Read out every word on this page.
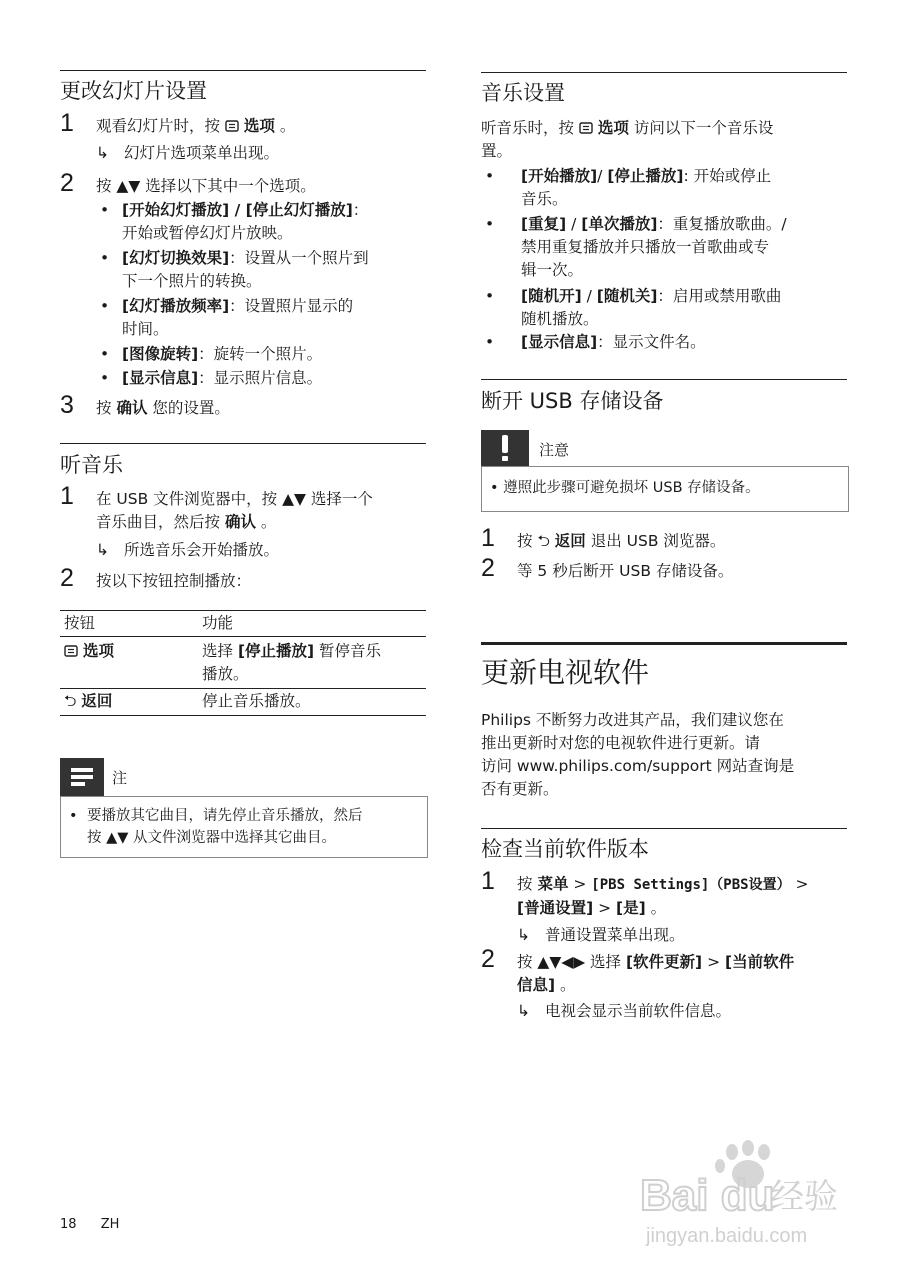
更改幻灯片设置
1 观看幻灯片时，按  选项 。
↳ 幻灯片选项菜单出现。
2 按 ▲▼ 选择以下其中一个选项。
• [开始幻灯播放] / [停止幻灯播放]：
开始或暂停幻灯片放映。
• [幻灯切换效果]：设置从一个照片到
下一个照片的转换。
• [幻灯播放频率]：设置照片显示的
时间。
• [图像旋转]：旋转一个照片。
• [显示信息]：显示照片信息。
3 按 确认 您的设置。
听音乐
1 在 USB 文件浏览器中，按 ▲▼ 选择一个
音乐曲目，然后按 确认 。
↳ 所选音乐会开始播放。
2 按以下按钮控制播放：
按钮	功能
选项	选择 [停止播放] 暂停音乐
播放。
⮌ 返回	停止音乐播放。
注
• 要播放其它曲目，请先停止音乐播放，然后
按 ▲▼ 从文件浏览器中选择其它曲目。
音乐设置
听音乐时，按  选项 访问以下一个音乐设
置。
• [开始播放]/ [停止播放]: 开始或停止
音乐。
• [重复] / [单次播放]：重复播放歌曲。/
禁用重复播放并只播放一首歌曲或专
辑一次。
• [随机开] / [随机关]：启用或禁用歌曲
随机播放。
• [显示信息]：显示文件名。
断开 USB 存储设备
注意
• 遵照此步骤可避免损坏 USB 存储设备。
1 按 ⮌ 返回 退出 USB 浏览器。
2 等 5 秒后断开 USB 存储设备。
更新电视软件
Philips 不断努力改进其产品，我们建议您在
推出更新时对您的电视软件进行更新。请
访问 www.philips.com/support 网站查询是
否有更新。
检查当前软件版本
1 按 菜单 > [PBS Settings]（PBS设置） >
[普通设置] > [是] 。
↳ 普通设置菜单出现。
2 按 ▲▼◀▶ 选择 [软件更新] > [当前软件
信息] 。
↳ 电视会显示当前软件信息。
18 ZH
Bai du
经验
jingyan.baidu.com
